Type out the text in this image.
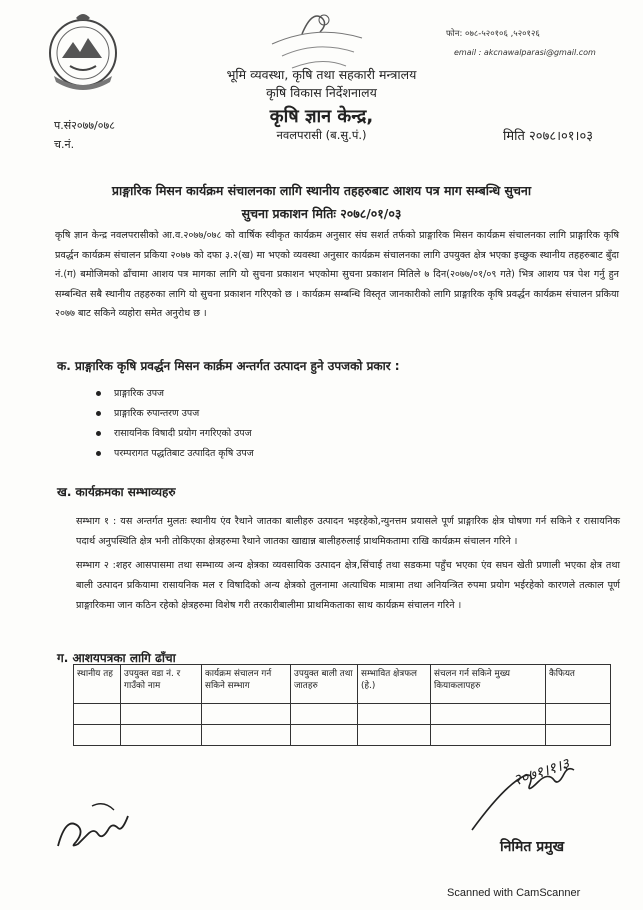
फोन: ०७८-५२०१०६ ,५२०१२६
email : akcnawalparasi@gmail.com
भूमि व्यवस्था, कृषि तथा सहकारी मन्त्रालय
कृषि विकास निर्देशनालय
कृषि ज्ञान केन्द्र,
नवलपरासी (ब.सु.पं.)
प.सं२०७७/०७८
च.नं.
मिति २०७८।०१।०३
प्राङ्गारिक मिसन कार्यक्रम संचालनका लागि स्थानीय तहहरुबाट आशय पत्र माग सम्बन्धि सुचना
सुचना प्रकाशन मितिः २०७८/०१/०३
कृषि ज्ञान केन्द्र नवलपरासीको आ.व.२०७७/०७८ को वार्षिक स्वीकृत कार्यक्रम अनुसार संघ सशर्त तर्फको प्राङ्गारिक मिसन कार्यक्रम संचालनका लागि प्राङ्गारिक कृषि प्रवर्द्धन कार्यक्रम संचालन प्रकिया २०७७ को दफा ३.२(ख) मा भएको व्यवस्था अनुसार कार्यक्रम संचालनका लागि उपयुक्त क्षेत्र भएका इच्छुक स्थानीय तहहरुबाट बुँदा नं.(ग) बमोजिमको ढाँचामा आशय पत्र मागका लागि यो सुचना प्रकाशन भएकोमा सुचना प्रकाशन मितिले ७ दिन(२०७७/०१/०९ गते) भित्र आशय पत्र पेश गर्नु हुन सम्बन्धित सबै स्थानीय तहहरुका लागि यो सुचना प्रकाशन गरिएको छ । कार्यक्रम सम्बन्धि विस्तृत जानकारीको लागि प्राङ्गारिक कृषि प्रवर्द्धन कार्यक्रम संचालन प्रकिया २०७७ बाट सकिने व्यहोरा समेत अनुरोध छ ।
क. प्राङ्गारिक कृषि प्रवर्द्धन मिसन कार्क्रम अन्तर्गत उत्पादन हुने उपजको प्रकार :
प्राङ्गारिक उपज
प्राङ्गारिक रुपान्तरण उपज
रासायनिक विषादी प्रयोग नगरिएको उपज
परम्परागत पद्धतिबाट उत्पादित कृषि उपज
ख. कार्यक्रमका सम्भाव्यहरु
सम्भाग १ : यस अन्तर्गत मुलतः स्थानीय एंव रैथाने जातका बालीहरु उत्पादन भइरहेको,न्युनत्तम प्रयासले पूर्ण प्राङ्गारिक क्षेत्र घोषणा गर्न सकिने र रासायनिक पदार्थ अनुपस्थिति क्षेत्र भनी तोकिएका क्षेत्रहरुमा रैथाने जातका खाद्यान्न बालीहरुलाई प्राथमिकतामा राखि कार्यक्रम संचालन गरिने ।
सम्भाग २ :शहर आसपासमा तथा सम्भाव्य अन्य क्षेत्रका व्यवसायिक उत्पादन क्षेत्र,सिंचाई तथा सडकमा पहुँच भएका एंव सघन खेती प्रणाली भएका क्षेत्र तथा बाली उत्पादन प्रकियामा रासायनिक मल र विषादिको अन्य क्षेत्रको तुलनामा अत्याधिक मात्रामा तथा अनियन्त्रित रुपमा प्रयोग भईरहेको कारणले तत्काल पूर्ण प्राङ्गारिकमा जान कठिन रहेको क्षेत्रहरुमा विशेष गरी तरकारीबालीमा प्राथमिकताका साथ कार्यक्रम संचालन गरिने ।
ग. आशयपत्रका लागि ढाँचा
स्थानीय तह	उपयुक्त वडा नं. र गाउँको नाम	कार्यक्रम संचालन गर्न सकिने सम्भाग	उपयुक्त बाली तथा जातहरु	सम्भावित क्षेत्रफल (हे.)	संचलन गर्न सकिने मुख्य कियाकलापहरु	कैफियत

२०७१।१।३
निमित प्रमुख
Scanned with CamScanner
